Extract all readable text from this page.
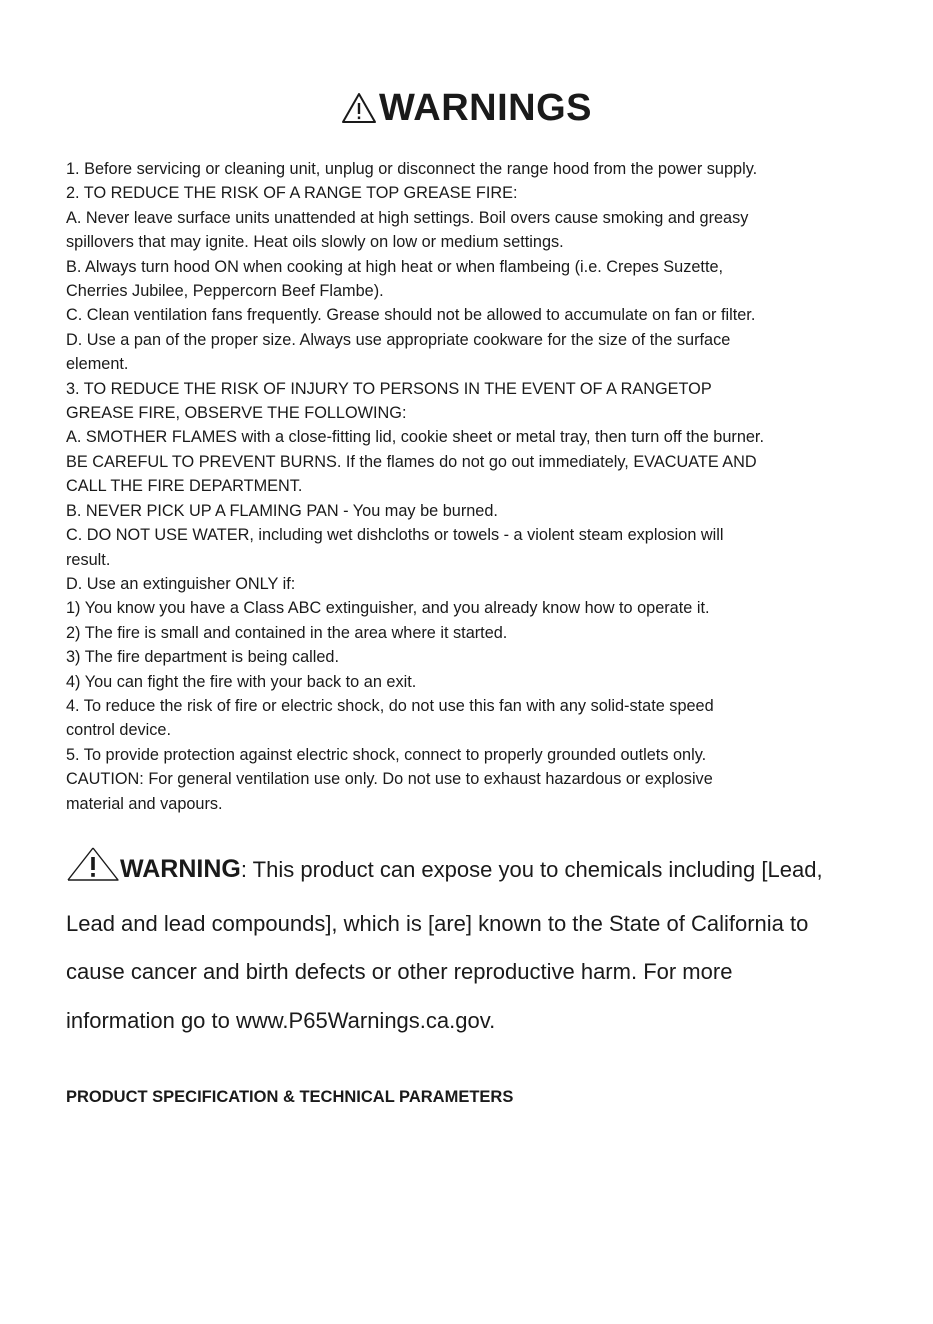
WARNINGS
1. Before servicing or cleaning unit, unplug or disconnect the range hood from the power supply.
2. TO REDUCE THE RISK OF A RANGE TOP GREASE FIRE:
A. Never leave surface units unattended at high settings. Boil overs cause smoking and greasy
spillovers that may ignite. Heat oils slowly on low or medium settings.
B. Always turn hood ON when cooking at high heat or when flambeing (i.e. Crepes Suzette,
Cherries Jubilee, Peppercorn Beef Flambe).
C. Clean ventilation fans frequently. Grease should not be allowed to accumulate on fan or filter.
D. Use a pan of the proper size. Always use appropriate cookware for the size of the surface
element.
3. TO REDUCE THE RISK OF INJURY TO PERSONS IN THE EVENT OF A RANGETOP
GREASE FIRE, OBSERVE THE FOLLOWING:
A. SMOTHER FLAMES with a close-fitting lid, cookie sheet or metal tray, then turn off the burner.
BE CAREFUL TO PREVENT BURNS. If the flames do not go out immediately, EVACUATE AND
CALL THE FIRE DEPARTMENT.
B. NEVER PICK UP A FLAMING PAN - You may be burned.
C. DO NOT USE WATER, including wet dishcloths or towels - a violent steam explosion will
result.
D. Use an extinguisher ONLY if:
1) You know you have a Class ABC extinguisher, and you already know how to operate it.
2) The fire is small and contained in the area where it started.
3) The fire department is being called.
4) You can fight the fire with your back to an exit.
4. To reduce the risk of fire or electric shock, do not use this fan with any solid-state speed
control device.
5. To provide protection against electric shock, connect to properly grounded outlets only.
CAUTION: For general ventilation use only. Do not use to exhaust hazardous or explosive
material and vapours.
WARNING: This product can expose you to chemicals including [Lead,
Lead and lead compounds], which is [are] known to the State of California to
cause cancer and birth defects or other reproductive harm. For more
information go to www.P65Warnings.ca.gov.
PRODUCT SPECIFICATION & TECHNICAL PARAMETERS
